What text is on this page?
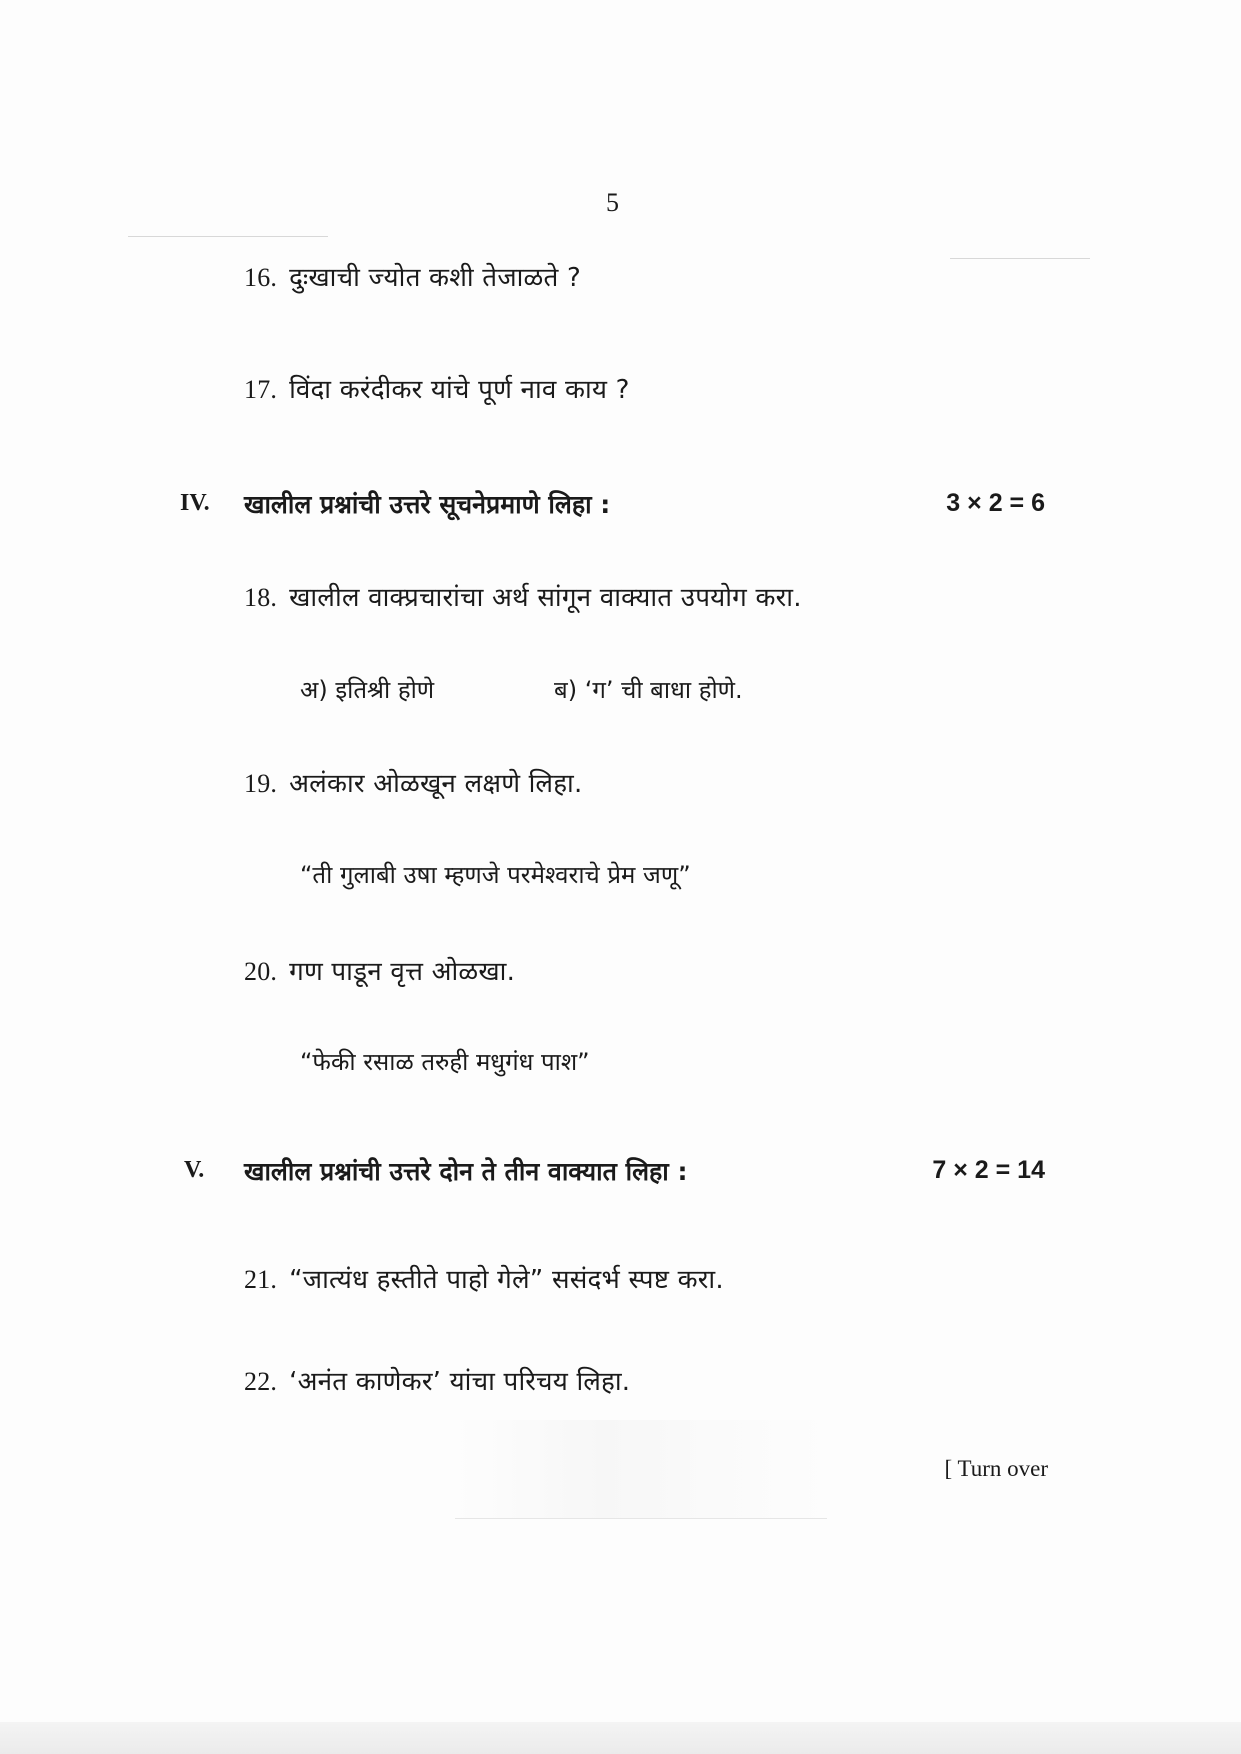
5
16. दुःखाची ज्योत कशी तेजाळते ?
17. विंदा करंदीकर यांचे पूर्ण नाव काय ?
IV. खालील प्रश्नांची उत्तरे सूचनेप्रमाणे लिहा :	3 × 2 = 6
18. खालील वाक्प्रचारांचा अर्थ सांगून वाक्यात उपयोग करा.
अ) इतिश्री होणे	ब) ‘ग’ ची बाधा होणे.
19. अलंकार ओळखून लक्षणे लिहा.
“ती गुलाबी उषा म्हणजे परमेश्वराचे प्रेम जणू”
20. गण पाडून वृत्त ओळखा.
“फेकी रसाळ तरुही मधुगंध पाश”
V. खालील प्रश्नांची उत्तरे दोन ते तीन वाक्यात लिहा :	7 × 2 = 14
21. “जात्यंध हस्तीते पाहो गेले” ससंदर्भ स्पष्ट करा.
22. ‘अनंत काणेकर’ यांचा परिचय लिहा.
[ Turn over
